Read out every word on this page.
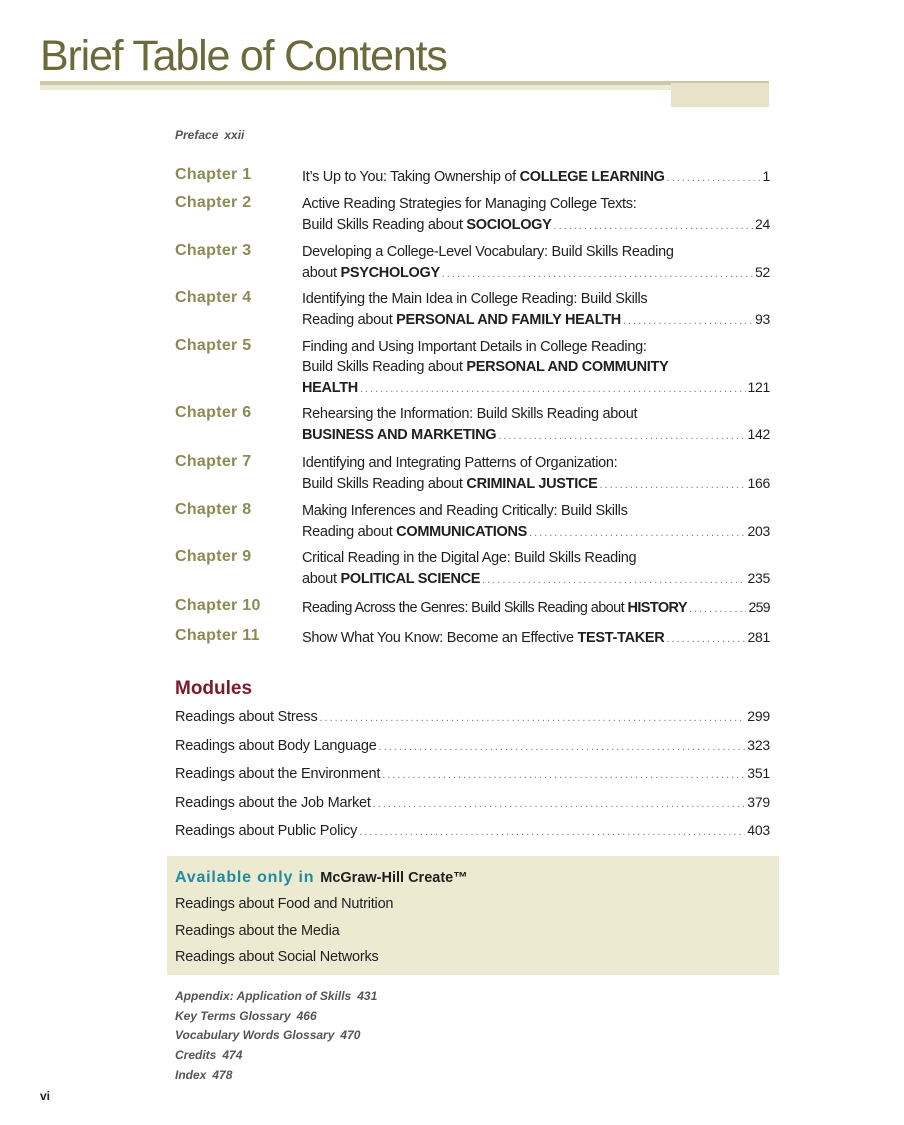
Brief Table of Contents
Preface xxii
Chapter 1	It’s Up to You: Taking Ownership of COLLEGE LEARNING .....	1
Chapter 2	Active Reading Strategies for Managing College Texts:
Build Skills Reading about SOCIOLOGY .....	24
Chapter 3	Developing a College-Level Vocabulary: Build Skills Reading
about PSYCHOLOGY .....	52
Chapter 4	Identifying the Main Idea in College Reading: Build Skills
Reading about PERSONAL AND FAMILY HEALTH .....	93
Chapter 5	Finding and Using Important Details in College Reading:
Build Skills Reading about PERSONAL AND COMMUNITY
HEALTH .....	121
Chapter 6	Rehearsing the Information: Build Skills Reading about
BUSINESS AND MARKETING .....	142
Chapter 7	Identifying and Integrating Patterns of Organization:
Build Skills Reading about CRIMINAL JUSTICE .....	166
Chapter 8	Making Inferences and Reading Critically: Build Skills
Reading about COMMUNICATIONS .....	203
Chapter 9	Critical Reading in the Digital Age: Build Skills Reading
about POLITICAL SCIENCE .....	235
Chapter 10	Reading Across the Genres: Build Skills Reading about HISTORY .....	259
Chapter 11	Show What You Know: Become an Effective TEST-TAKER .....	281
Modules
Readings about Stress .....	299
Readings about Body Language .....	323
Readings about the Environment .....	351
Readings about the Job Market .....	379
Readings about Public Policy .....	403
Available only in McGraw-Hill Create™
Readings about Food and Nutrition
Readings about the Media
Readings about Social Networks
Appendix: Application of Skills 431
Key Terms Glossary 466
Vocabulary Words Glossary 470
Credits 474
Index 478
vi
